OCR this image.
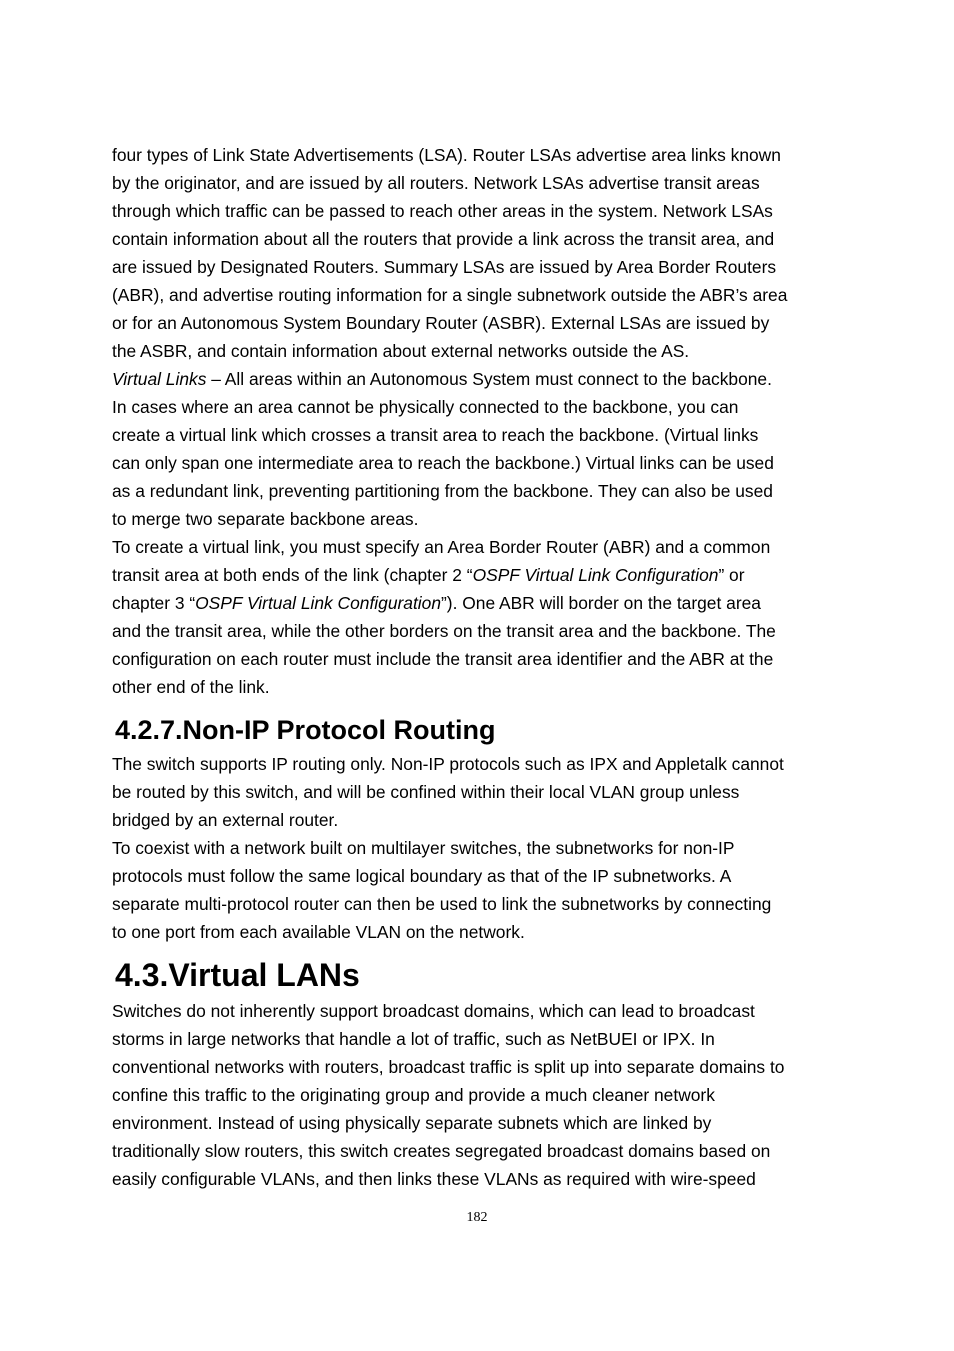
four types of Link State Advertisements (LSA). Router LSAs advertise area links known
by the originator, and are issued by all routers. Network LSAs advertise transit areas
through which traffic can be passed to reach other areas in the system. Network LSAs
contain information about all the routers that provide a link across the transit area, and
are issued by Designated Routers. Summary LSAs are issued by Area Border Routers
(ABR), and advertise routing information for a single subnetwork outside the ABR’s area
or for an Autonomous System Boundary Router (ASBR). External LSAs are issued by
the ASBR, and contain information about external networks outside the AS.

Virtual Links – All areas within an Autonomous System must connect to the backbone.
In cases where an area cannot be physically connected to the backbone, you can
create a virtual link which crosses a transit area to reach the backbone. (Virtual links
can only span one intermediate area to reach the backbone.) Virtual links can be used
as a redundant link, preventing partitioning from the backbone. They can also be used
to merge two separate backbone areas.

To create a virtual link, you must specify an Area Border Router (ABR) and a common
transit area at both ends of the link (chapter 2 “OSPF Virtual Link Configuration” or
chapter 3 “OSPF Virtual Link Configuration”). One ABR will border on the target area
and the transit area, while the other borders on the transit area and the backbone. The
configuration on each router must include the transit area identifier and the ABR at the
other end of the link.

4.2.7.Non-IP Protocol Routing

The switch supports IP routing only. Non-IP protocols such as IPX and Appletalk cannot
be routed by this switch, and will be confined within their local VLAN group unless
bridged by an external router.

To coexist with a network built on multilayer switches, the subnetworks for non-IP
protocols must follow the same logical boundary as that of the IP subnetworks. A
separate multi-protocol router can then be used to link the subnetworks by connecting
to one port from each available VLAN on the network.

4.3.Virtual LANs

Switches do not inherently support broadcast domains, which can lead to broadcast
storms in large networks that handle a lot of traffic, such as NetBUEI or IPX. In
conventional networks with routers, broadcast traffic is split up into separate domains to
confine this traffic to the originating group and provide a much cleaner network
environment. Instead of using physically separate subnets which are linked by
traditionally slow routers, this switch creates segregated broadcast domains based on
easily configurable VLANs, and then links these VLANs as required with wire-speed

182
